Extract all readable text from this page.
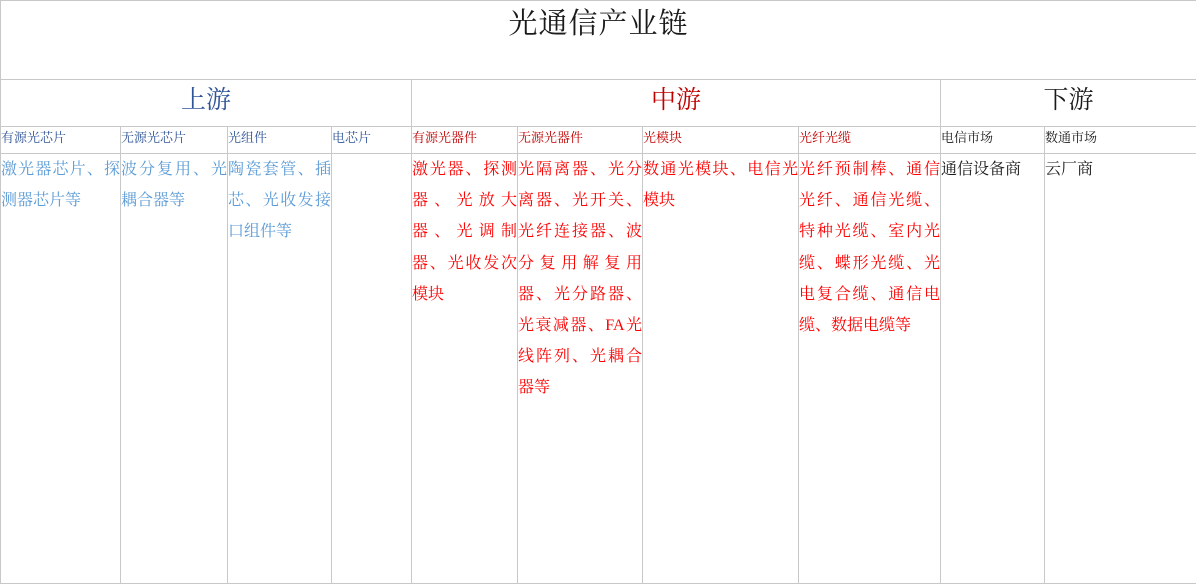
光通信产业链									
上游				中游				下游	
有源光芯片	无源光芯片	光组件	电芯片	有源光器件	无源光器件	光模块	光纤光缆	电信市场	数通市场
激光器芯片、探测器芯片等	波分复用、光耦合器等	陶瓷套管、插芯、光收发接口组件等		激光器、探测器、光放大器、光调制器、光收发次模块	光隔离器、光分离器、光开关、光纤连接器、波分复用解复用器、光分路器、光衰减器、FA光线阵列、光耦合器等	数通光模块、电信光模块	光纤预制棒、通信光纤、通信光缆、特种光缆、室内光缆、蝶形光缆、光电复合缆、通信电缆、数据电缆等	通信设备商	云厂商
